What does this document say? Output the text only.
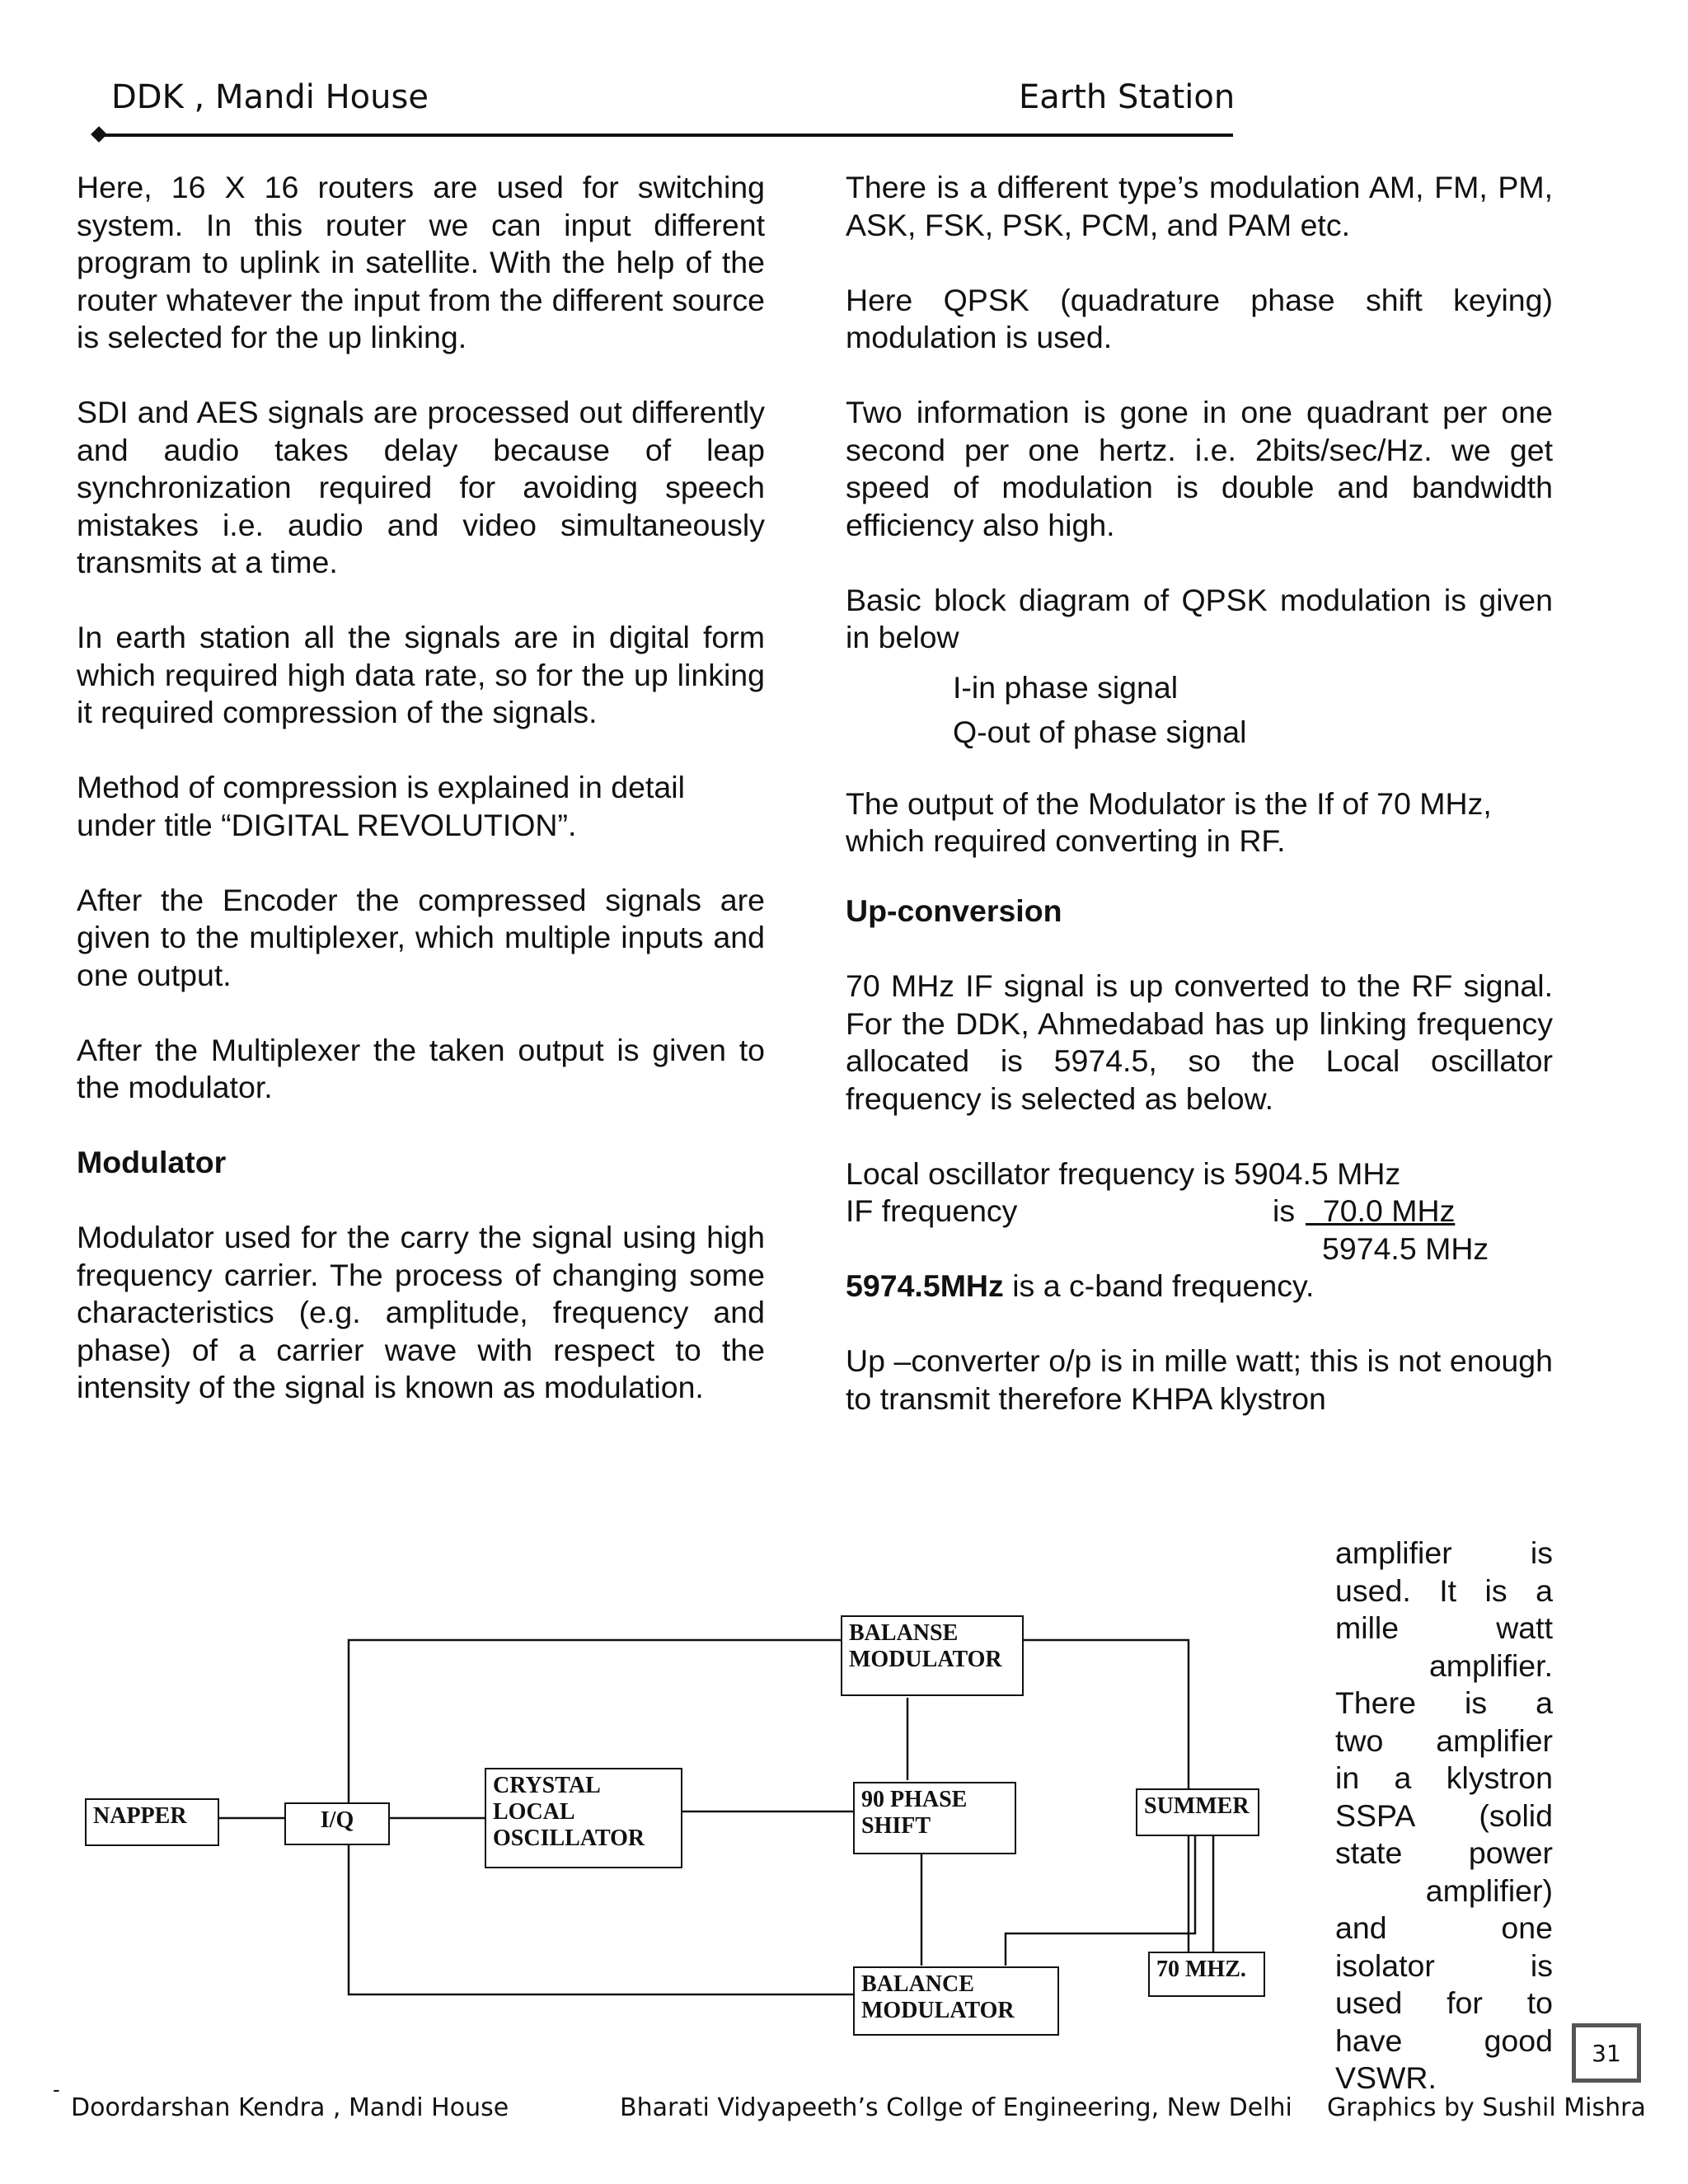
DDK , Mandi House	Earth Station

Here, 16 X 16 routers are used for switching system. In this router we can input different program to uplink in satellite. With the help of the router whatever the input from the different source is selected for the up linking.

SDI and AES signals are processed out differently and audio takes delay because of leap synchronization required for avoiding speech mistakes i.e. audio and video simultaneously transmits at a time.

In earth station all the signals are in digital form which required high data rate, so for the up linking it required compression of the signals.

Method of compression is explained in detail under title “DIGITAL REVOLUTION”.

After the Encoder the compressed signals are given to the multiplexer, which multiple inputs and one output.

After the Multiplexer the taken output is given to the modulator.

Modulator

Modulator used for the carry the signal using high frequency carrier. The process of changing some characteristics (e.g. amplitude, frequency and phase) of a carrier wave with respect to the intensity of the signal is known as modulation.

There is a different type’s modulation AM, FM, PM, ASK, FSK, PSK, PCM, and PAM etc.

Here QPSK (quadrature phase shift keying) modulation is used.

Two information is gone in one quadrant per one second per one hertz. i.e. 2bits/sec/Hz. we get speed of modulation is double and bandwidth efficiency also high.

Basic block diagram of QPSK modulation is given in below

I-in phase signal
Q-out of phase signal

The output of the Modulator is the If of 70 MHz, which required converting in RF.

Up-conversion

70 MHz IF signal is up converted to the RF signal. For the DDK, Ahmedabad has up linking frequency allocated is 5974.5, so the Local oscillator frequency is selected as below.

Local oscillator frequency is 5904.5 MHz
IF frequency	is 70.0 MHz
5974.5 MHz
5974.5MHz is a c-band frequency.

Up –converter o/p is in mille watt; this is not enough to transmit therefore KHPA klystron

amplifier is
used. It is a
mille watt
amplifier.
There is a
two amplifier
in a klystron
SSPA (solid
state power
amplifier)
and one
isolator is
used for to
have good
VSWR.
NAPPER	I/Q
CRYSTAL
LOCAL
OSCILLATOR
BALANSE
MODULATOR
90 PHASE
SHIFT
SUMMER
BALANCE
MODULATOR
70 MHZ.
-
Doordarshan Kendra , Mandi House	Bharati Vidyapeeth’s Collge of Engineering, New Delhi Graphics by Sushil Mishra
31
